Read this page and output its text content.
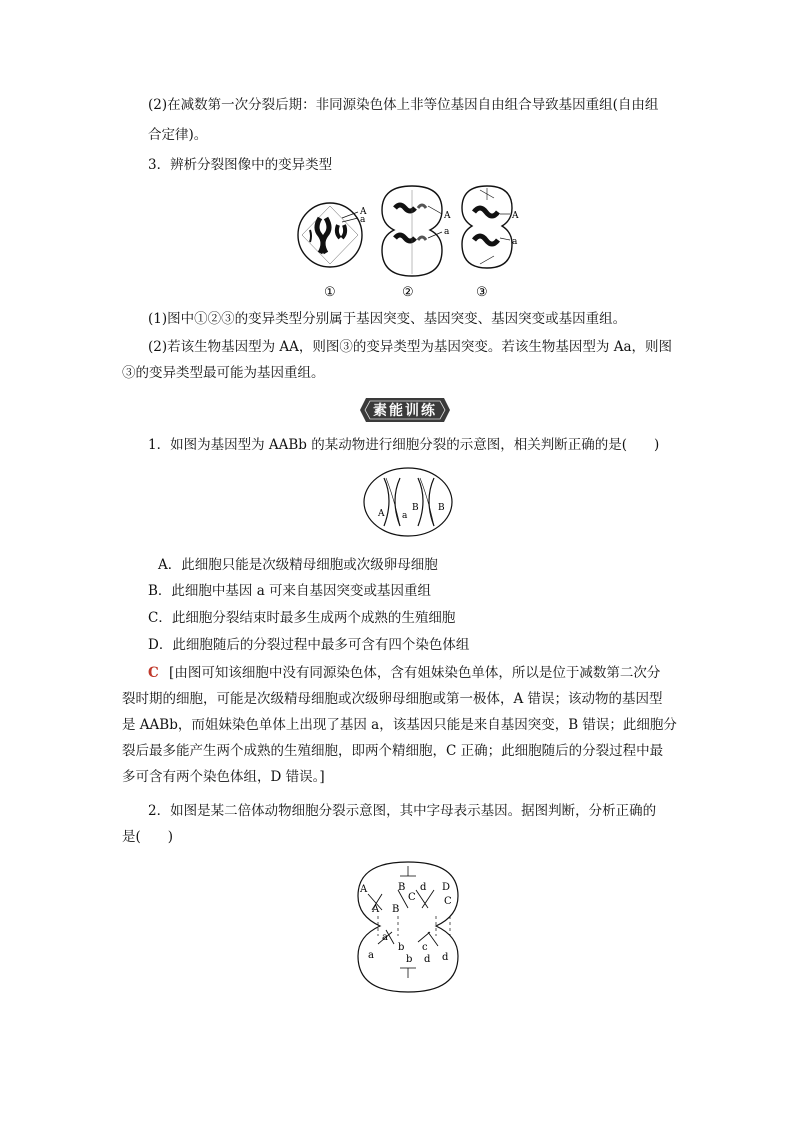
(2)在减数第一次分裂后期：非同源染色体上非等位基因自由组合导致基因重组(自由组
合定律)。
3．辨析分裂图像中的变异类型
A
a	A
a
A
a
①	②	③
(1)图中①②③的变异类型分别属于基因突变、基因突变、基因突变或基因重组。
(2)若该生物基因型为 AA，则图③的变异类型为基因突变。若该生物基因型为 Aa，则图
③的变异类型最可能为基因重组。
素能训练
1．如图为基因型为 AABb 的某动物进行细胞分裂的示意图，相关判断正确的是(　　)
A a
B B
A．此细胞只能是次级精母细胞或次级卵母细胞
B．此细胞中基因 a 可来自基因突变或基因重组
C．此细胞分裂结束时最多生成两个成熟的生殖细胞
D．此细胞随后的分裂过程中最多可含有四个染色体组
C [由图可知该细胞中没有同源染色体，含有姐妹染色单体，所以是位于减数第二次分
裂时期的细胞，可能是次级精母细胞或次级卵母细胞或第一极体，A 错误；该动物的基因型
是 AABb，而姐妹染色单体上出现了基因 a，该基因只能是来自基因突变，B 错误；此细胞分
裂后最多能产生两个成熟的生殖细胞，即两个精细胞，C 正确；此细胞随后的分裂过程中最
多可含有两个染色体组，D 错误。]
2．如图是某二倍体动物细胞分裂示意图，其中字母表示基因。据图判断，分析正确的
是(　　)
A	B d D
A B
C	C
a
b c
a
b d d
